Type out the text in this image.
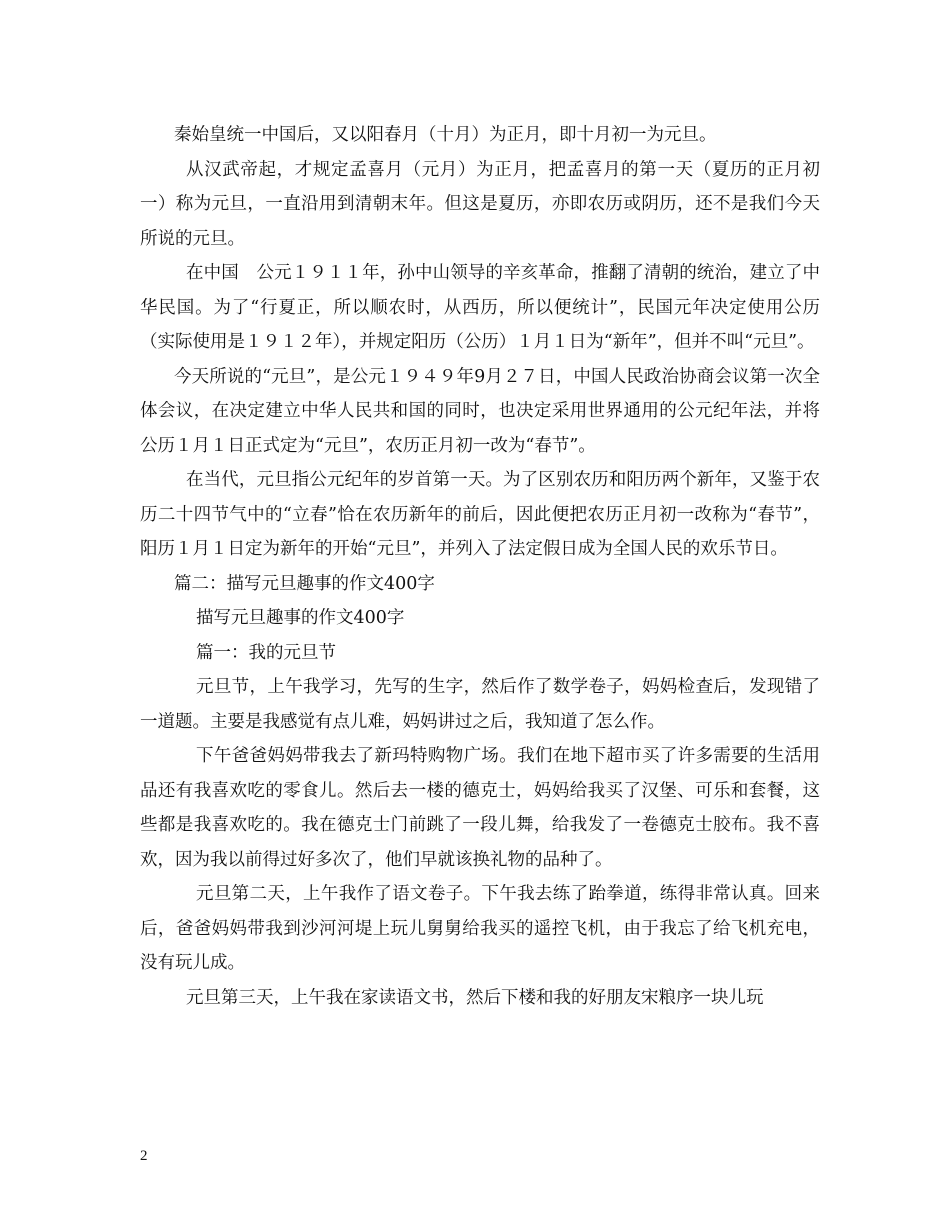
秦始皇统一中国后，又以阳春月（十月）为正月，即十月初一为元旦。

从汉武帝起，才规定孟喜月（元月）为正月，把孟喜月的第一天（夏历的正月初一）称为元旦，一直沿用到清朝末年。但这是夏历，亦即农历或阴历，还不是我们今天所说的元旦。

在中国　公元１９１１年，孙中山领导的辛亥革命，推翻了清朝的统治，建立了中华民国。为了“行夏正，所以顺农时，从西历，所以便统计”，民国元年决定使用公历（实际使用是１９１２年），并规定阳历（公历）１月１日为“新年”，但并不叫“元旦”。

今天所说的“元旦”，是公元１９４９年9月２７日，中国人民政治协商会议第一次全体会议，在决定建立中华人民共和国的同时，也决定采用世界通用的公元纪年法，并将公历１月１日正式定为“元旦”，农历正月初一改为“春节”。

在当代，元旦指公元纪年的岁首第一天。为了区别农历和阳历两个新年，又鉴于农历二十四节气中的“立春”恰在农历新年的前后，因此便把农历正月初一改称为“春节”，阳历１月１日定为新年的开始“元旦”，并列入了法定假日成为全国人民的欢乐节日。

篇二：描写元旦趣事的作文400字

描写元旦趣事的作文400字

篇一：我的元旦节

元旦节，上午我学习，先写的生字，然后作了数学卷子，妈妈检查后，发现错了一道题。主要是我感觉有点儿难，妈妈讲过之后，我知道了怎么作。

下午爸爸妈妈带我去了新玛特购物广场。我们在地下超市买了许多需要的生活用品还有我喜欢吃的零食儿。然后去一楼的德克士，妈妈给我买了汉堡、可乐和套餐，这些都是我喜欢吃的。我在德克士门前跳了一段儿舞，给我发了一卷德克士胶布。我不喜欢，因为我以前得过好多次了，他们早就该换礼物的品种了。

元旦第二天，上午我作了语文卷子。下午我去练了跆拳道，练得非常认真。回来后，爸爸妈妈带我到沙河河堤上玩儿舅舅给我买的遥控飞机，由于我忘了给飞机充电，没有玩儿成。

元旦第三天，上午我在家读语文书，然后下楼和我的好朋友宋粮序一块儿玩

2
